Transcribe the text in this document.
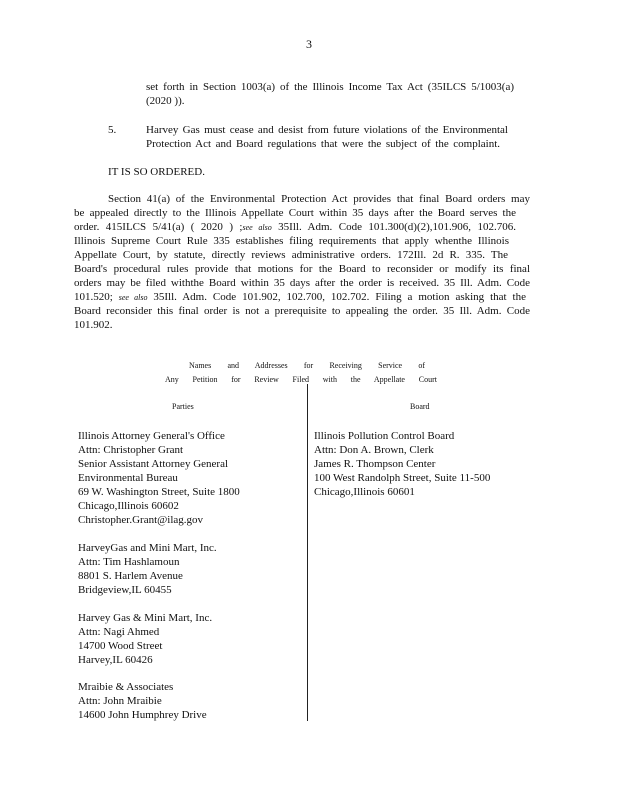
3
set forth in Section 1003(a) of the Illinois Income Tax Act (35ILCS 5/1003(a)
(2020 )).
5.	Harvey Gas must cease and desist from future violations of the Environmental
Protection Act and Board regulations that were the subject of the complaint.
IT IS SO ORDERED.
Section 41(a) of the Environmental Protection Act provides that final Board orders may
be appealed directly to the Illinois Appellate Court within 35 days after the Board serves the
order. 415ILCS 5/41(a) ( 2020 ) ;see also 35Ill. Adm. Code 101.300(d)(2),101.906, 102.706.
Illinois Supreme Court Rule 335 establishes filing requirements that apply whenthe Illinois
Appellate Court, by statute, directly reviews administrative orders. 172Ill. 2d R. 335. The
Board's procedural rules provide that motions for the Board to reconsider or modify its final
orders may be filed withthe Board within 35 days after the order is received. 35 Ill. Adm. Code
101.520; see also 35Ill. Adm. Code 101.902, 102.700, 102.702. Filing a motion asking that the
Board reconsider this final order is not a prerequisite to appealing the order. 35 Ill. Adm. Code
101.902.
Names and Addresses for Receiving Service of
Any Petition for Review Filed with the Appellate Court
Parties	Board
Illinois Attorney General's Office
Attn: Christopher Grant
Senior Assistant Attorney General
Environmental Bureau
69 W. Washington Street, Suite 1800
Chicago,Illinois 60602
Christopher.Grant@ilag.gov
HarveyGas and Mini Mart, Inc.
Attn: Tim Hashlamoun
8801 S. Harlem Avenue
Bridgeview,IL 60455
Harvey Gas & Mini Mart, Inc.
Attn: Nagi Ahmed
14700 Wood Street
Harvey,IL 60426
Mraibie & Associates
Attn: John Mraibie
14600 John Humphrey Drive
Illinois Pollution Control Board
Attn: Don A. Brown, Clerk
James R. Thompson Center
100 West Randolph Street, Suite 11-500
Chicago,Illinois 60601
